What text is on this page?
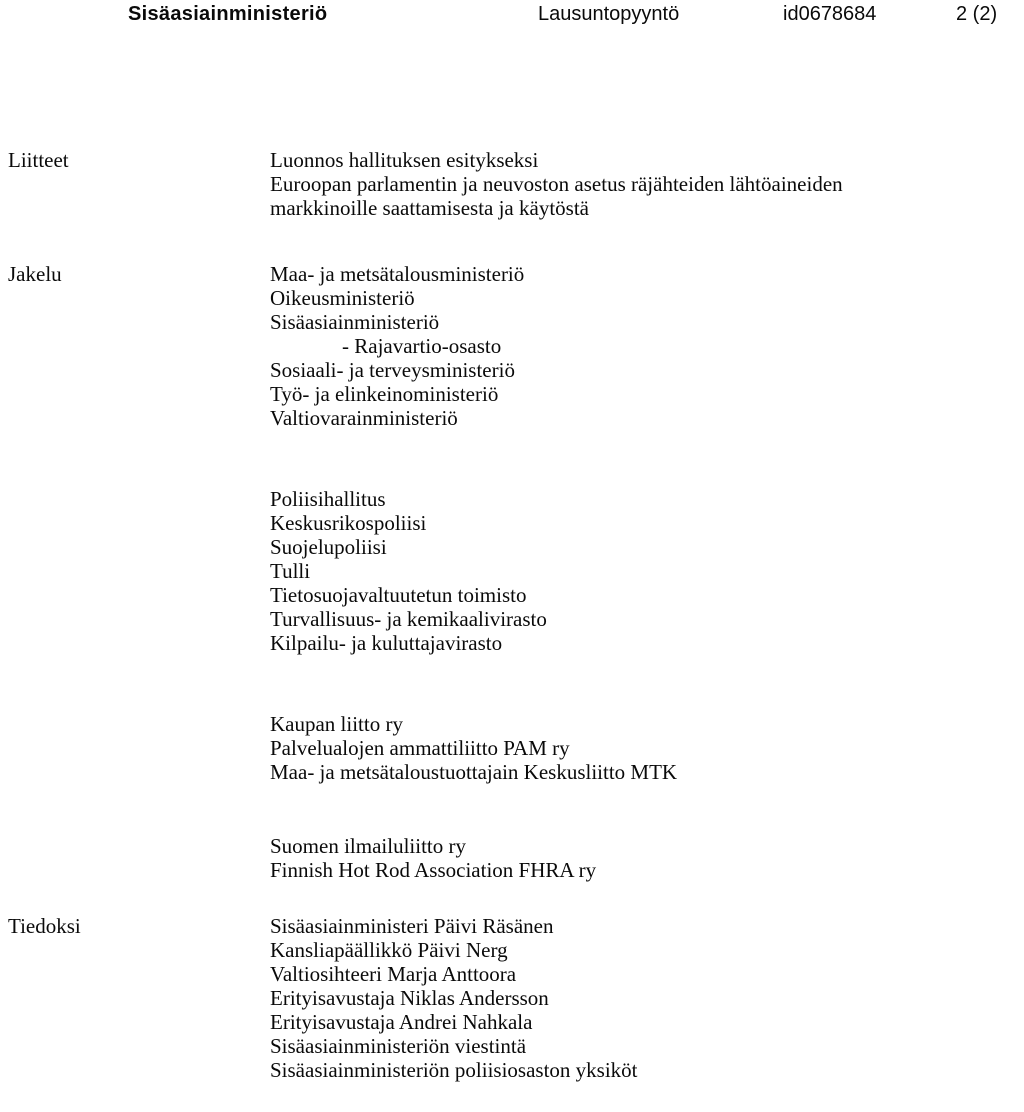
Sisäasiainministeriö	Lausuntopyyntö	id0678684	2 (2)
Liitteet	Luonnos hallituksen esitykseksi
Euroopan parlamentin ja neuvoston asetus räjähteiden lähtöaineiden
markkinoille saattamisesta ja käytöstä
Jakelu	Maa- ja metsätalousministeriö
Oikeusministeriö
Sisäasiainministeriö
- Rajavartio-osasto
Sosiaali- ja terveysministeriö
Työ- ja elinkeinoministeriö
Valtiovarainministeriö
Poliisihallitus
Keskusrikospoliisi
Suojelupoliisi
Tulli
Tietosuojavaltuutetun toimisto
Turvallisuus- ja kemikaalivirasto
Kilpailu- ja kuluttajavirasto
Kaupan liitto ry
Palvelualojen ammattiliitto PAM ry
Maa- ja metsätaloustuottajain Keskusliitto MTK
Suomen ilmailuliitto ry
Finnish Hot Rod Association FHRA ry
Tiedoksi	Sisäasiainministeri Päivi Räsänen
Kansliapäällikkö Päivi Nerg
Valtiosihteeri Marja Anttoora
Erityisavustaja Niklas Andersson
Erityisavustaja Andrei Nahkala
Sisäasiainministeriön viestintä
Sisäasiainministeriön poliisiosaston yksiköt
